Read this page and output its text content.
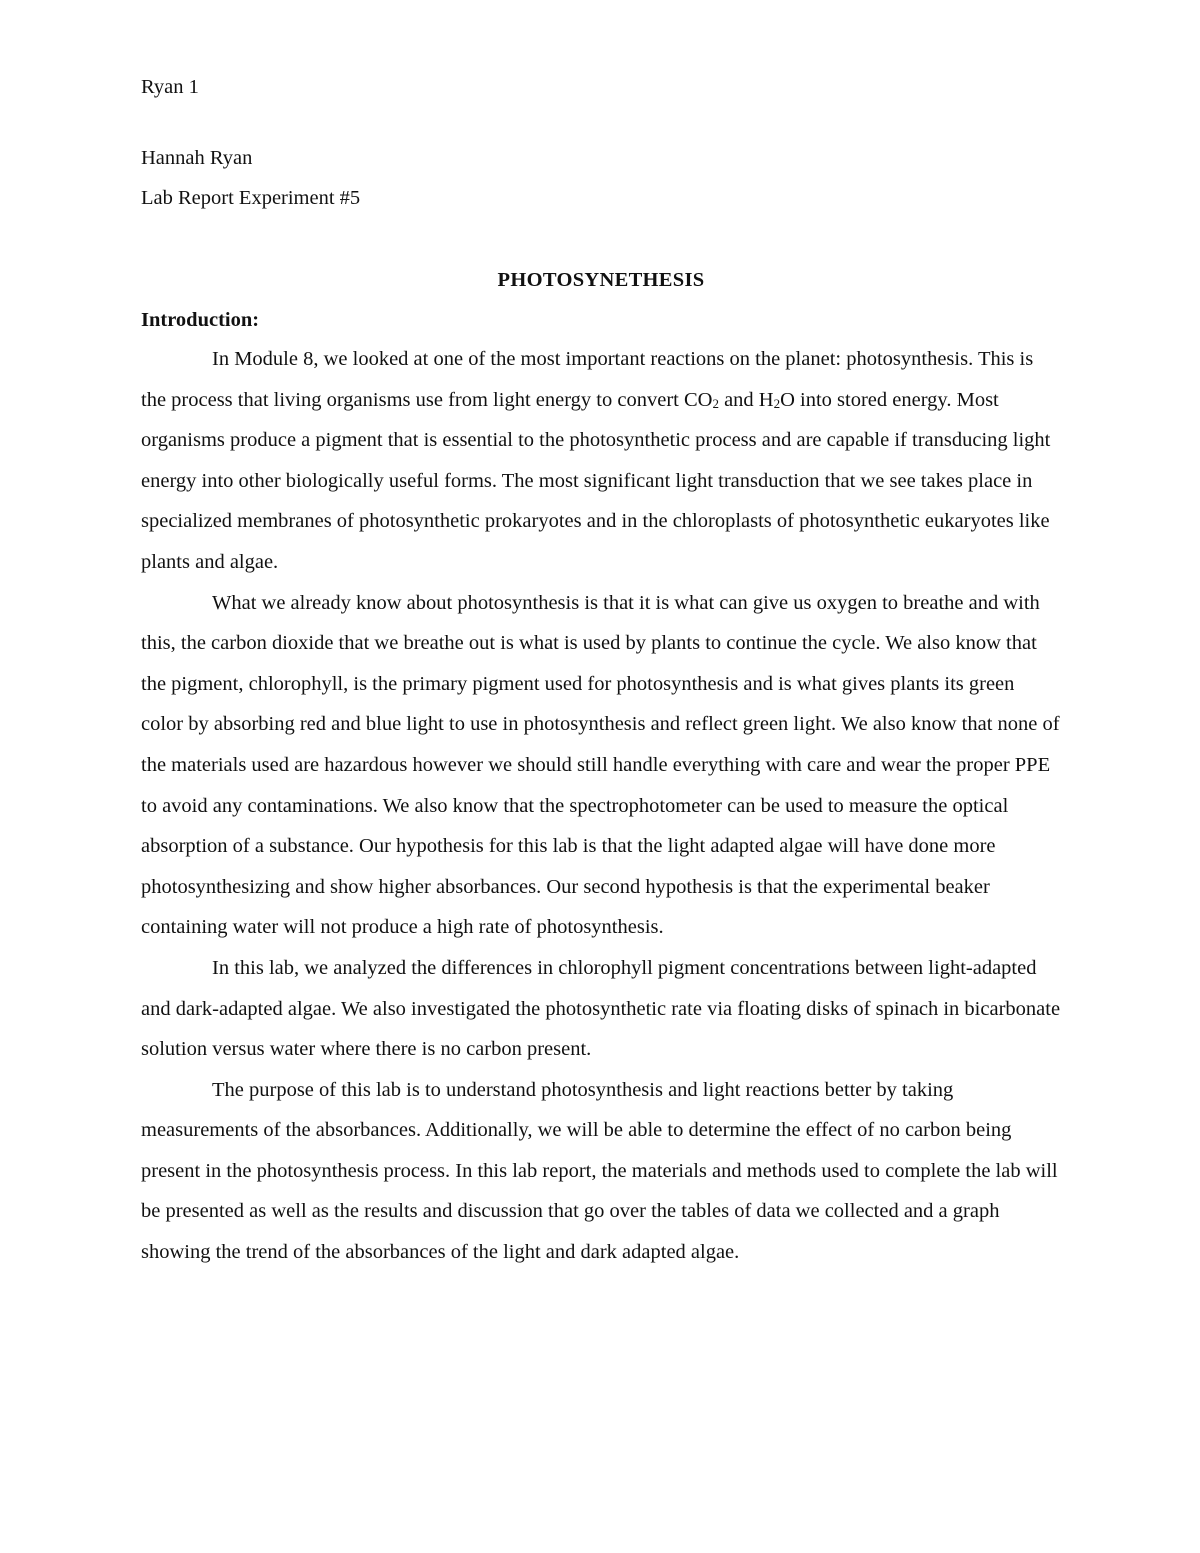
Ryan 1
Hannah Ryan
Lab Report Experiment #5
PHOTOSYNETHESIS
Introduction:

In Module 8, we looked at one of the most important reactions on the planet: photosynthesis. This is the process that living organisms use from light energy to convert $CO_2$ and $H_2O$ into stored energy. Most organisms produce a pigment that is essential to the photosynthetic process and are capable if transducing light energy into other biologically useful forms. The most significant light transduction that we see takes place in specialized membranes of photosynthetic prokaryotes and in the chloroplasts of photosynthetic eukaryotes like plants and algae.

What we already know about photosynthesis is that it is what can give us oxygen to breathe and with this, the carbon dioxide that we breathe out is what is used by plants to continue the cycle. We also know that the pigment, chlorophyll, is the primary pigment used for photosynthesis and is what gives plants its green color by absorbing red and blue light to use in photosynthesis and reflect green light. We also know that none of the materials used are hazardous however we should still handle everything with care and wear the proper PPE to avoid any contaminations. We also know that the spectrophotometer can be used to measure the optical absorption of a substance. Our hypothesis for this lab is that the light adapted algae will have done more photosynthesizing and show higher absorbances. Our second hypothesis is that the experimental beaker containing water will not produce a high rate of photosynthesis.

In this lab, we analyzed the differences in chlorophyll pigment concentrations between light-adapted and dark-adapted algae. We also investigated the photosynthetic rate via floating disks of spinach in bicarbonate solution versus water where there is no carbon present.

The purpose of this lab is to understand photosynthesis and light reactions better by taking measurements of the absorbances. Additionally, we will be able to determine the effect of no carbon being present in the photosynthesis process. In this lab report, the materials and methods used to complete the lab will be presented as well as the results and discussion that go over the tables of data we collected and a graph showing the trend of the absorbances of the light and dark adapted algae.
